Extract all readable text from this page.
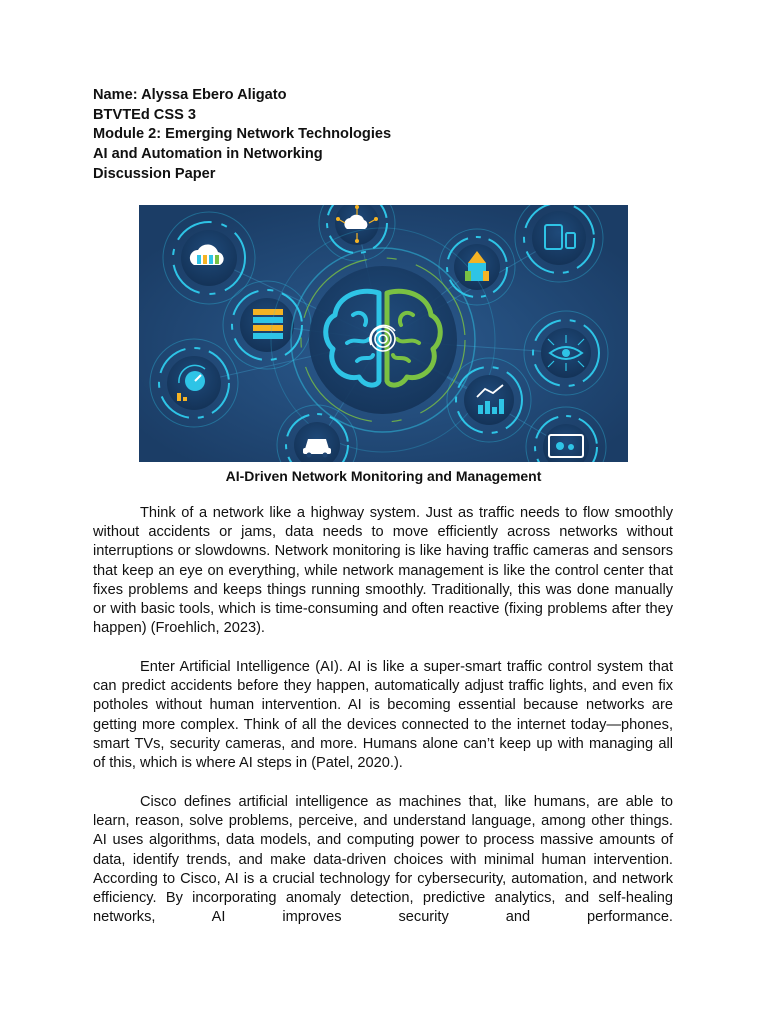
Name: Alyssa Ebero Aligato
BTVTEd CSS 3
Module 2: Emerging Network Technologies
AI and Automation in Networking
Discussion Paper
AI-Driven Network Monitoring and Management

Think of a network like a highway system. Just as traffic needs to flow smoothly without accidents or jams, data needs to move efficiently across networks without interruptions or slowdowns. Network monitoring is like having traffic cameras and sensors that keep an eye on everything, while network management is like the control center that fixes problems and keeps things running smoothly. Traditionally, this was done manually or with basic tools, which is time-consuming and often reactive (fixing problems after they happen) (Froehlich, 2023).

Enter Artificial Intelligence (AI). AI is like a super-smart traffic control system that can predict accidents before they happen, automatically adjust traffic lights, and even fix potholes without human intervention. AI is becoming essential because networks are getting more complex. Think of all the devices connected to the internet today—phones, smart TVs, security cameras, and more. Humans alone can’t keep up with managing all of this, which is where AI steps in (Patel, 2020.).

Cisco defines artificial intelligence as machines that, like humans, are able to learn, reason, solve problems, perceive, and understand language, among other things. AI uses algorithms, data models, and computing power to process massive amounts of data, identify trends, and make data-driven choices with minimal human intervention. According to Cisco, AI is a crucial technology for cybersecurity, automation, and network efficiency. By incorporating anomaly detection, predictive analytics, and self-healing networks, AI improves security and performance.
